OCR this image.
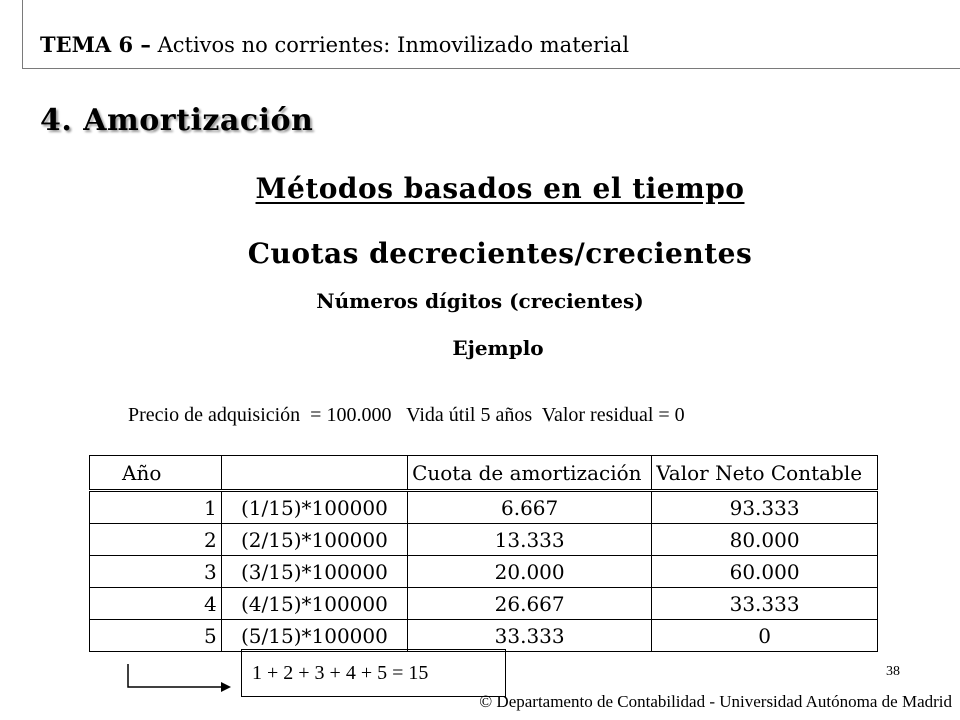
TEMA 6 – Activos no corrientes: Inmovilizado material
4. Amortización
Métodos basados en el tiempo
Cuotas decrecientes/crecientes
Números dígitos (crecientes)
Ejemplo
Precio de adquisición  = 100.000   Vida útil 5 años  Valor residual = 0
Año		Cuota de amortización	Valor Neto Contable
1	(1/15)*100000	6.667	93.333
2	(2/15)*100000	13.333	80.000
3	(3/15)*100000	20.000	60.000
4	(4/15)*100000	26.667	33.333
5	(5/15)*100000	33.333	0
1 + 2 + 3 + 4 + 5 = 15	38
© Departamento de Contabilidad - Universidad Autónoma de Madrid
